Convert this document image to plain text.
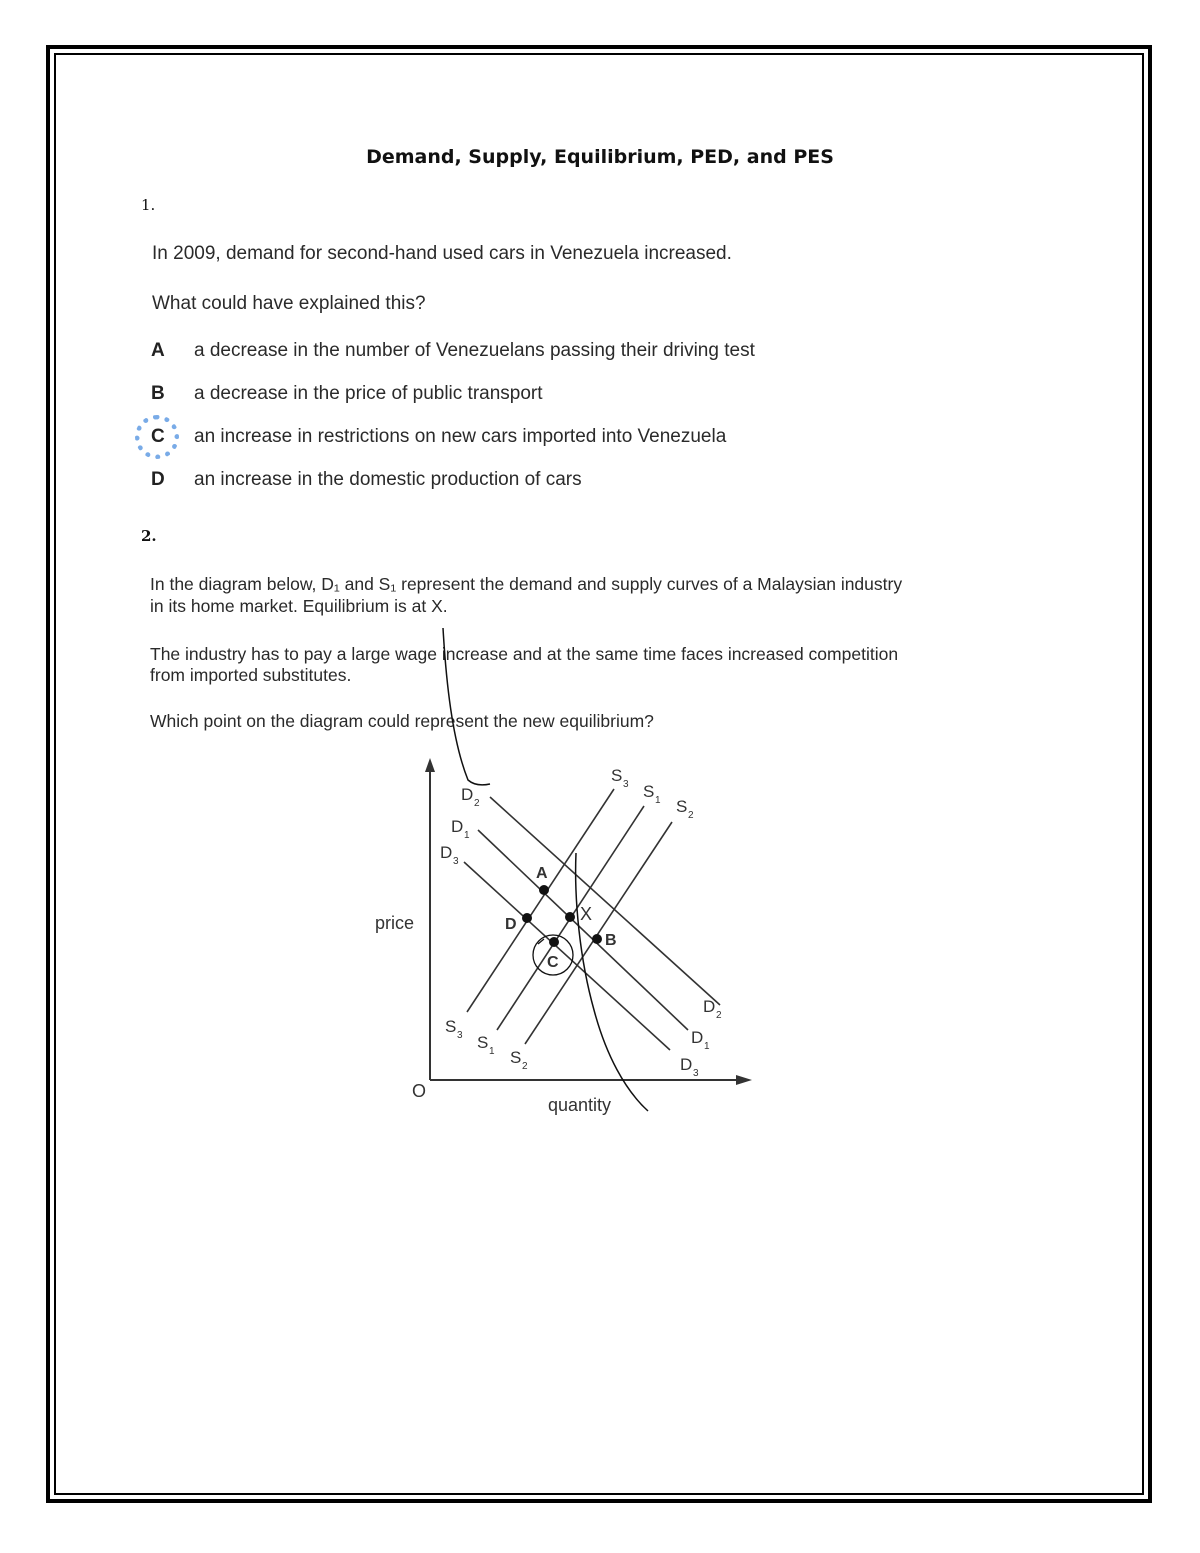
Demand, Supply, Equilibrium, PED, and PES
1.
In 2009, demand for second-hand used cars in Venezuela increased.
What could have explained this?
A a decrease in the number of Venezuelans passing their driving test
B a decrease in the price of public transport
C an increase in restrictions on new cars imported into Venezuela
D an increase in the domestic production of cars
2.
In the diagram below, D₁ and S₁ represent the demand and supply curves of a Malaysian industry
in its home market. Equilibrium is at X.
The industry has to pay a large wage increase and at the same time faces increased competition
from imported substitutes.
Which point on the diagram could represent the new equilibrium?
price
quantity
O
D 2
D 1
D 3
D 2
D 1
D 3
S 3 S 1 S 2
S 3 S 1 S 2
A
B
C
D
X
